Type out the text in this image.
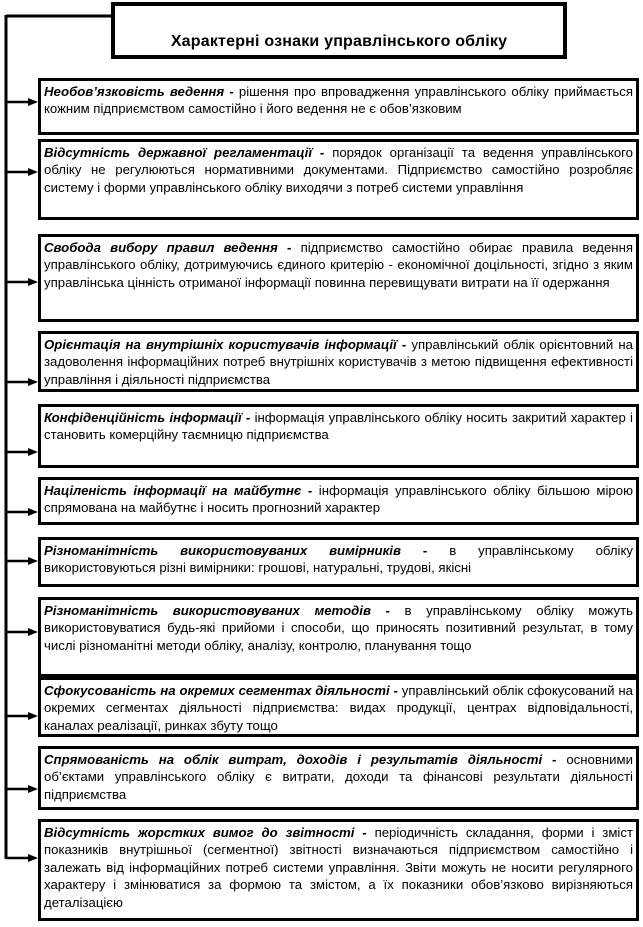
Характерні ознаки управлінського обліку
Необов’язковість ведення - рішення про впровадження управлінського обліку приймається кожним підприємством самостійно і його ведення не є обов’язковим
Відсутність державної регламентації - порядок організації та ведення управлінського обліку не регулюються нормативними документами. Підприємство самостійно розробляє систему і форми управлінського обліку виходячи з потреб системи управління
Свобода вибору правил ведення - підприємство самостійно обирає правила ведення управлінського обліку, дотримуючись єдиного критерію - економічної доцільності, згідно з яким управлінська цінність отриманої інформації повинна перевищувати витрати на її одержання
Орієнтація на внутрішніх користувачів інформації - управлінський облік орієнтовний на задоволення інформаційних потреб внутрішніх користувачів з метою підвищення ефективності управління і діяльності підприємства
Конфіденційність інформації - інформація управлінського обліку носить закритий характер і становить комерційну таємницю підприємства
Націленість інформації на майбутнє - інформація управлінського обліку більшою мірою спрямована на майбутнє і носить прогнозний характер
Різноманітність використовуваних вимірників - в управлінському обліку використовуються різні вимірники: грошові, натуральні, трудові, якісні
Різноманітність використовуваних методів - в управлінському обліку можуть використовуватися будь-які прийоми і способи, що приносять позитивний результат, в тому числі різноманітні методи обліку, аналізу, контролю, планування тощо
Сфокусованість на окремих сегментах діяльності - управлінський облік сфокусований на окремих сегментах діяльності підприємства: видах продукції, центрах відповідальності, каналах реалізації, ринках збуту тощо
Спрямованість на облік витрат, доходів і результатів діяльності - основними об’єктами управлінського обліку є витрати, доходи та фінансові результати діяльності підприємства
Відсутність жорстких вимог до звітності - періодичність складання, форми і зміст показників внутрішньої (сегментної) звітності визначаються підприємством самостійно і залежать від інформаційних потреб системи управління. Звіти можуть не носити регулярного характеру і змінюватися за формою та змістом, а їх показники обов’язково вирізняються деталізацією
